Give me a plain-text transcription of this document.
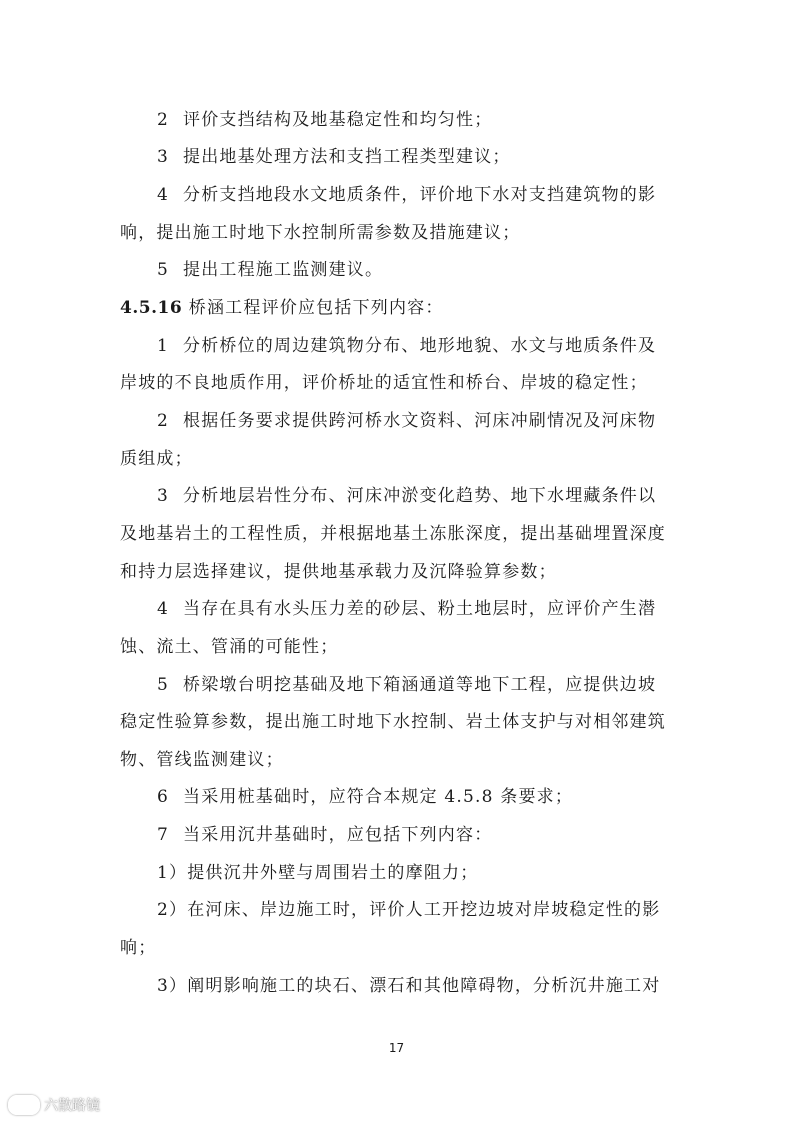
2 评价支挡结构及地基稳定性和均匀性；
3 提出地基处理方法和支挡工程类型建议；
4 分析支挡地段水文地质条件，评价地下水对支挡建筑物的影
响，提出施工时地下水控制所需参数及措施建议；
5 提出工程施工监测建议。
4.5.16 桥涵工程评价应包括下列内容：
1 分析桥位的周边建筑物分布、地形地貌、水文与地质条件及
岸坡的不良地质作用，评价桥址的适宜性和桥台、岸坡的稳定性；
2 根据任务要求提供跨河桥水文资料、河床冲刷情况及河床物
质组成；
3 分析地层岩性分布、河床冲淤变化趋势、地下水埋藏条件以
及地基岩土的工程性质，并根据地基土冻胀深度，提出基础埋置深度
和持力层选择建议，提供地基承载力及沉降验算参数；
4 当存在具有水头压力差的砂层、粉土地层时，应评价产生潜
蚀、流土、管涌的可能性；
5 桥梁墩台明挖基础及地下箱涵通道等地下工程，应提供边坡
稳定性验算参数，提出施工时地下水控制、岩土体支护与对相邻建筑
物、管线监测建议；
6 当采用桩基础时，应符合本规定 4.5.8 条要求；
7 当采用沉井基础时，应包括下列内容：
1）提供沉井外壁与周围岩土的摩阻力；
2）在河床、岸边施工时，评价人工开挖边坡对岸坡稳定性的影
响；
3）阐明影响施工的块石、漂石和其他障碍物，分析沉井施工对
17
六散路镜
